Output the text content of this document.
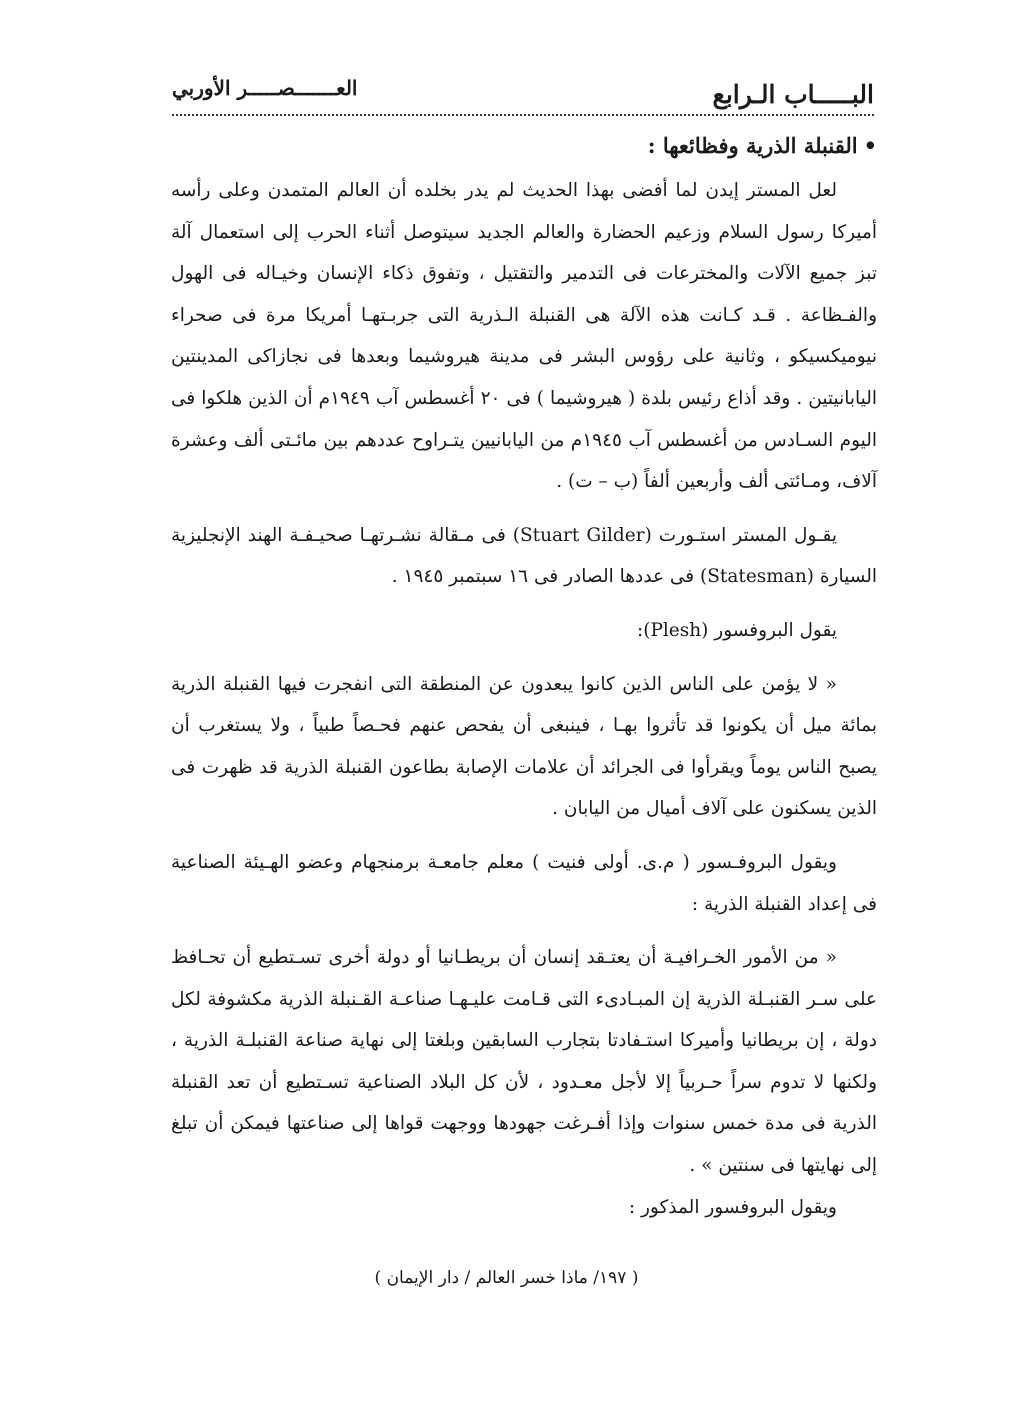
البـــــاب الـرابع
العـــــــصـــــر الأوربي
•القنبلة الذرية وفظائعها :

لعل المستر إيدن لما أفضى بهذا الحديث لم يدر بخلده أن العالم المتمدن وعلى رأسه أميركا رسول السلام وزعيم الحضارة والعالم الجديد سيتوصل أثناء الحرب إلى استعمال آلة تبز جميع الآلات والمخترعات فى التدمير والتقتيل ، وتفوق ذكاء الإنسان وخيـاله فى الهول والفـظاعة . قـد كـانت هذه الآلة هى القنبلة الـذرية التى جربـتهـا أمريكا مرة فى صحراء نيوميكسيكو ، وثانية على رؤوس البشر فى مدينة هيروشيما وبعدها فى نجازاكى المدينتين اليابانيتين . وقد أذاع رئيس بلدة ( هيروشيما ) فى ٢٠ أغسطس آب ١٩٤٩م أن الذين هلكوا فى اليوم السـادس من أغسطس آب ١٩٤٥م من اليابانيين يتـراوح عددهم بين مائـتى ألف وعشرة آلاف، ومـائتى ألف وأربعين ألفاً (ب – ت) .

يقـول المستر استـورت (Stuart Gilder) فى مـقالة نشـرتهـا صحيـفـة الهند الإنجليزية السيارة (Statesman) فى عددها الصادر فى ١٦ سبتمبر ١٩٤٥ .

يقول البروفسور (Plesh):

« لا يؤمن على الناس الذين كانوا يبعدون عن المنطقة التى انفجرت فيها القنبلة الذرية بمائة ميل أن يكونوا قد تأثروا بهـا ، فينبغى أن يفحص عنهم فحـصاً طبياً ، ولا يستغرب أن يصبح الناس يوماً ويقرأوا فى الجرائد أن علامات الإصابة بطاعون القنبلة الذرية قد ظهرت فى الذين يسكنون على آلاف أميال من اليابان .

ويقول البروفـسور ( م.ى. أولى فنيت ) معلم جامعـة برمنجهام وعضو الهـيئة الصناعية فى إعداد القنبلة الذرية :

« من الأمور الخـرافيـة أن يعتـقد إنسان أن بريطـانيا أو دولة أخرى تسـتطيع أن تحـافظ على سـر القنبـلة الذرية إن المبـادىء التى قـامت عليـهـا صناعـة القـنبلة الذرية مكشوفة لكل دولة ، إن بريطانيا وأميركا استـفادتا بتجارب السابقين وبلغتا إلى نهاية صناعة القنبلـة الذرية ، ولكنها لا تدوم سراً حـربياً إلا لأجل معـدود ، لأن كل البلاد الصناعية تسـتطيع أن تعد القنبلة الذرية فى مدة خمس سنوات وإذا أفـرغت جهودها ووجهت قواها إلى صناعتها فيمكن أن تبلغ إلى نهايتها فى سنتين » .

ويقول البروفسور المذكور :

( ١٩٧/ ماذا خسر العالم / دار الإيمان )
